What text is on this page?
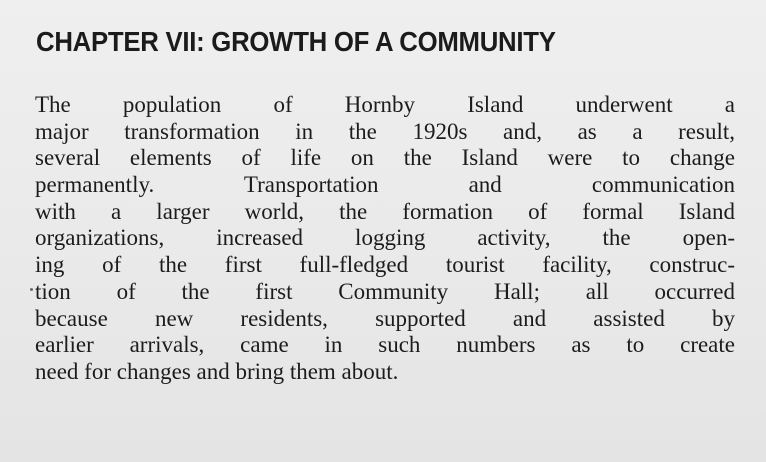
CHAPTER VII: GROWTH OF A COMMUNITY
The population of Hornby Island underwent a
major transformation in the 1920s and, as a result,
several elements of life on the Island were to change
permanently. Transportation and communication
with a larger world, the formation of formal Island
organizations, increased logging activity, the open-
ing of the first full-fledged tourist facility, construc-
tion of the first Community Hall; all occurred
because new residents, supported and assisted by
earlier arrivals, came in such numbers as to create
need for changes and bring them about.
